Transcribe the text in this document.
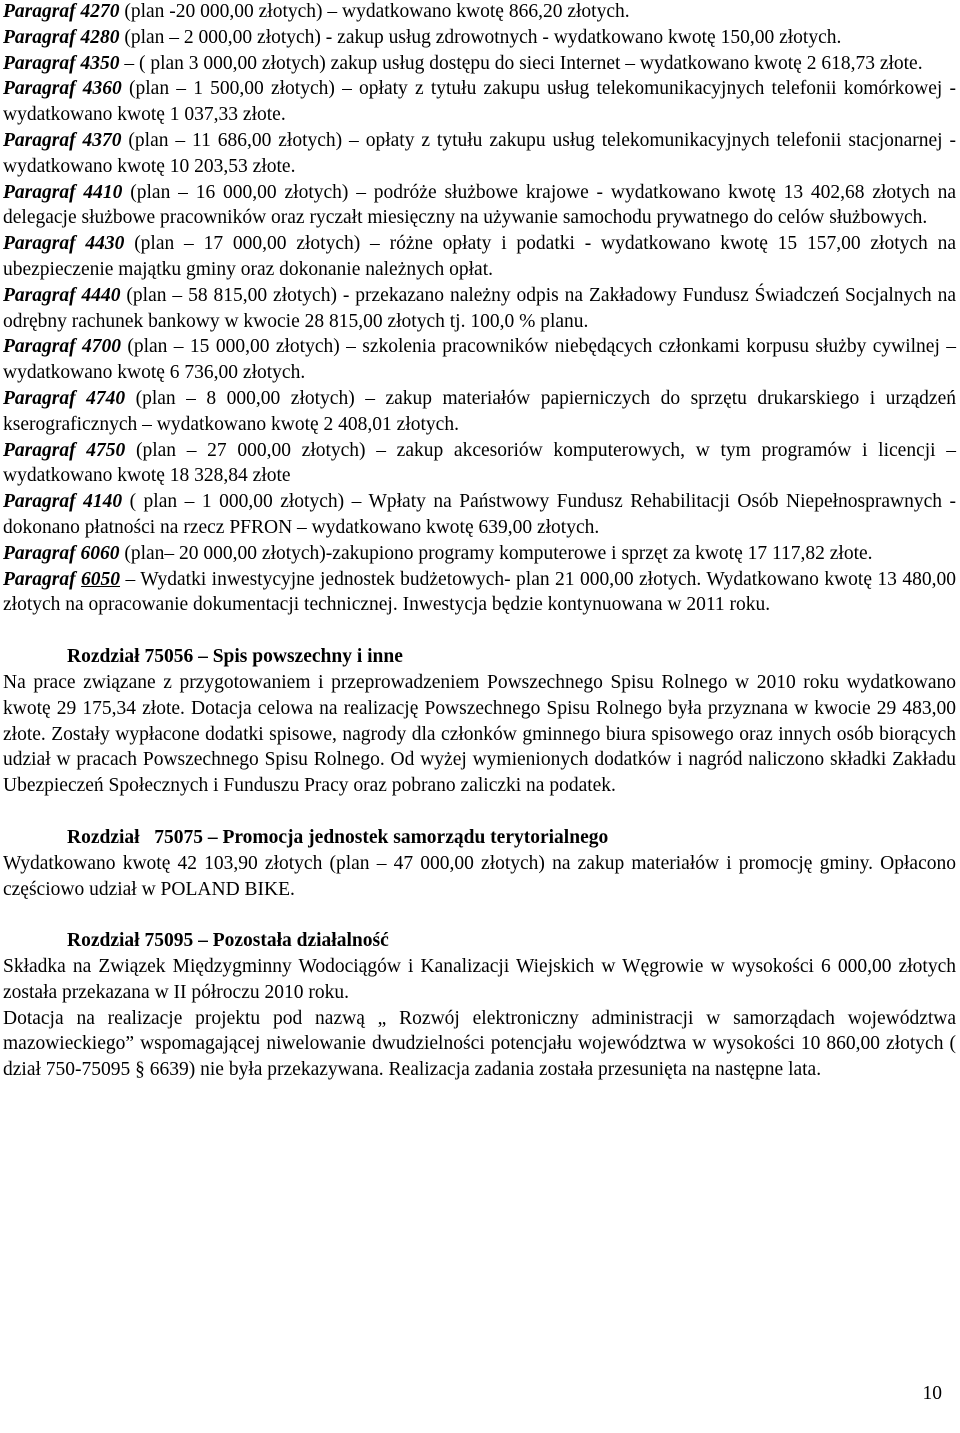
Paragraf 4270 (plan -20 000,00 złotych) – wydatkowano kwotę 866,20 złotych.

Paragraf 4280 (plan – 2 000,00 złotych) - zakup usług zdrowotnych - wydatkowano kwotę 150,00 złotych.

Paragraf 4350 – ( plan 3 000,00 złotych) zakup usług dostępu do sieci Internet – wydatkowano kwotę 2 618,73 złote.

Paragraf 4360 (plan – 1 500,00 złotych) – opłaty z tytułu zakupu usług telekomunikacyjnych telefonii komórkowej - wydatkowano kwotę 1 037,33 złote.

Paragraf 4370 (plan – 11 686,00 złotych) – opłaty z tytułu zakupu usług telekomunikacyjnych telefonii stacjonarnej - wydatkowano kwotę 10 203,53 złote.

Paragraf 4410 (plan – 16 000,00 złotych) – podróże służbowe krajowe - wydatkowano kwotę 13 402,68 złotych na delegacje służbowe pracowników oraz ryczałt miesięczny na używanie samochodu prywatnego do celów służbowych.

Paragraf 4430 (plan – 17 000,00 złotych) – różne opłaty i podatki - wydatkowano kwotę 15 157,00 złotych na ubezpieczenie majątku gminy oraz dokonanie należnych opłat.

Paragraf 4440 (plan – 58 815,00 złotych) - przekazano należny odpis na Zakładowy Fundusz Świadczeń Socjalnych na odrębny rachunek bankowy w kwocie 28 815,00 złotych tj. 100,0 % planu.

Paragraf 4700 (plan – 15 000,00 złotych) – szkolenia pracowników niebędących członkami korpusu służby cywilnej – wydatkowano kwotę 6 736,00 złotych.

Paragraf 4740 (plan – 8 000,00 złotych) – zakup materiałów papierniczych do sprzętu drukarskiego i urządzeń kserograficznych – wydatkowano kwotę 2 408,01 złotych.

Paragraf 4750 (plan – 27 000,00 złotych) – zakup akcesoriów komputerowych, w tym programów i licencji – wydatkowano kwotę 18 328,84 złote

Paragraf 4140 ( plan – 1 000,00 złotych) – Wpłaty na Państwowy Fundusz Rehabilitacji Osób Niepełnosprawnych - dokonano płatności na rzecz PFRON – wydatkowano kwotę 639,00 złotych.

Paragraf 6060 (plan– 20 000,00 złotych)-zakupiono programy komputerowe i sprzęt za kwotę 17 117,82 złote.

Paragraf 6050 – Wydatki inwestycyjne jednostek budżetowych- plan 21 000,00 złotych. Wydatkowano kwotę 13 480,00 złotych na opracowanie dokumentacji technicznej. Inwestycja będzie kontynuowana w 2011 roku.

Rozdział 75056 – Spis powszechny i inne

Na prace związane z przygotowaniem i przeprowadzeniem Powszechnego Spisu Rolnego w 2010 roku wydatkowano kwotę 29 175,34 złote. Dotacja celowa na realizację Powszechnego Spisu Rolnego była przyznana w kwocie 29 483,00 złote. Zostały wypłacone dodatki spisowe, nagrody dla członków gminnego biura spisowego oraz innych osób biorących udział w pracach Powszechnego Spisu Rolnego. Od wyżej wymienionych dodatków i nagród naliczono składki Zakładu Ubezpieczeń Społecznych i Funduszu Pracy oraz pobrano zaliczki na podatek.

Rozdział   75075 – Promocja jednostek samorządu terytorialnego

Wydatkowano kwotę 42 103,90 złotych (plan – 47 000,00 złotych) na zakup materiałów i promocję gminy. Opłacono częściowo udział w POLAND BIKE.

Rozdział 75095 – Pozostała działalność

Składka na Związek Międzygminny Wodociągów i Kanalizacji Wiejskich w Węgrowie w wysokości 6 000,00 złotych została przekazana w II półroczu 2010 roku.

Dotacja na realizacje projektu pod nazwą „ Rozwój elektroniczny administracji w samorządach województwa mazowieckiego” wspomagającej niwelowanie dwudzielności potencjału województwa w wysokości 10 860,00 złotych ( dział 750-75095 § 6639) nie była przekazywana. Realizacja zadania została przesunięta na następne lata.

10
